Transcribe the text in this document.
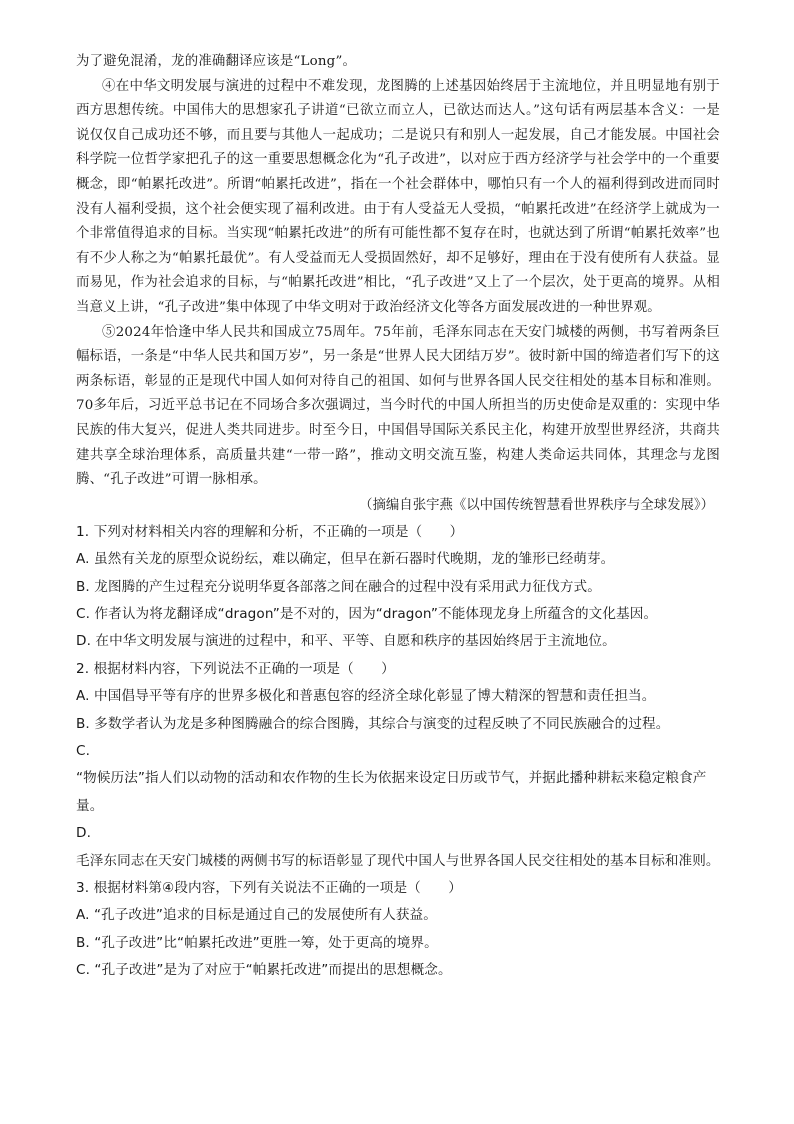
为了避免混淆，龙的准确翻译应该是“Long”。

④在中华文明发展与演进的过程中不难发现，龙图腾的上述基因始终居于主流地位，并且明显地有别于西方思想传统。中国伟大的思想家孔子讲道“已欲立而立人，已欲达而达人。”这句话有两层基本含义：一是说仅仅自己成功还不够，而且要与其他人一起成功；二是说只有和别人一起发展，自己才能发展。中国社会科学院一位哲学家把孔子的这一重要思想概念化为“孔子改进”，以对应于西方经济学与社会学中的一个重要概念，即“帕累托改进”。所谓“帕累托改进”，指在一个社会群体中，哪怕只有一个人的福利得到改进而同时没有人福利受损，这个社会便实现了福利改进。由于有人受益无人受损，“帕累托改进”在经济学上就成为一个非常值得追求的目标。当实现“帕累托改进”的所有可能性都不复存在时，也就达到了所谓“帕累托效率”也有不少人称之为“帕累托最优”。有人受益而无人受损固然好，却不足够好，理由在于没有使所有人获益。显而易见，作为社会追求的目标，与“帕累托改进”相比，“孔子改进”又上了一个层次，处于更高的境界。从相当意义上讲，“孔子改进”集中体现了中华文明对于政治经济文化等各方面发展改进的一种世界观。

⑤2024年恰逢中华人民共和国成立75周年。75年前，毛泽东同志在天安门城楼的两侧，书写着两条巨幅标语，一条是“中华人民共和国万岁”，另一条是“世界人民大团结万岁”。彼时新中国的缔造者们写下的这两条标语，彰显的正是现代中国人如何对待自己的祖国、如何与世界各国人民交往相处的基本目标和准则。70多年后，习近平总书记在不同场合多次强调过，当今时代的中国人所担当的历史使命是双重的：实现中华民族的伟大复兴，促进人类共同进步。时至今日，中国倡导国际关系民主化，构建开放型世界经济，共商共建共享全球治理体系，高质量共建“一带一路”，推动文明交流互鉴，构建人类命运共同体，其理念与龙图腾、“孔子改进”可谓一脉相承。

（摘编自张宇燕《以中国传统智慧看世界秩序与全球发展》）

1. 下列对材料相关内容的理解和分析，不正确的一项是（　　）

A. 虽然有关龙的原型众说纷纭，难以确定，但早在新石器时代晚期，龙的雏形已经萌芽。

B. 龙图腾的产生过程充分说明华夏各部落之间在融合的过程中没有采用武力征伐方式。

C. 作者认为将龙翻译成“dragon”是不对的，因为“dragon”不能体现龙身上所蕴含的文化基因。

D. 在中华文明发展与演进的过程中，和平、平等、自愿和秩序的基因始终居于主流地位。

2. 根据材料内容，下列说法不正确的一项是（　　）

A. 中国倡导平等有序的世界多极化和普惠包容的经济全球化彰显了博大精深的智慧和责任担当。

B. 多数学者认为龙是多种图腾融合的综合图腾，其综合与演变的过程反映了不同民族融合的过程。

C.

“物候历法”指人们以动物的活动和农作物的生长为依据来设定日历或节气，并据此播种耕耘来稳定粮食产量。

D.

毛泽东同志在天安门城楼的两侧书写的标语彰显了现代中国人与世界各国人民交往相处的基本目标和准则。

3. 根据材料第④段内容，下列有关说法不正确的一项是（　　）

A. “孔子改进”追求的目标是通过自己的发展使所有人获益。

B. “孔子改进”比“帕累托改进”更胜一筹，处于更高的境界。

C. “孔子改进”是为了对应于“帕累托改进”而提出的思想概念。
